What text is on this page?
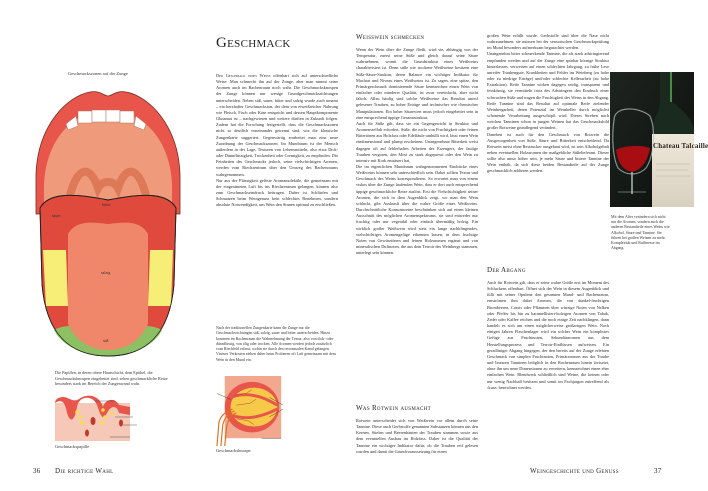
Geschmackszonen auf der Zunge
bitter
sauer
salzig
süß
Die Papillen, in deren obere Hautschicht, dem Epithel, die Geschmacksknospen eingebettet sind, sehen geschmackliche Reize besonders stark im Bereich der Zungenwand wahr.
Geschmackspapille
36 Die richtige Wahl
Geschmack

Der Geschmack eines Weins offenbart sich auf unterschiedliche Weise: Man schmeckt ihn auf der Zunge, aber man nimmt seine Aromen auch im Rachenraum noch wahr. Die Geschmacksknospen der Zunge können nur wenige Grundgeschmacksrichtungen unterscheiden. Neben süß, sauer, bitter und salzig wurde auch umami – ein herzhafter Geschmackston, der dem von eiweißreicher Nahrung wie Fleisch, Fisch oder Käse entspricht und dessen Hauptkomponente Glutamat ist – nachgewiesen und weitere dürften in Zukunft folgen. Zudem hat die Forschung festgestellt, dass die Geschmackszonen nicht so deutlich voneinander getrennt sind, wie die klassische Zungenkarte suggeriert. Gegenwärtig erarbeitet man eine neue Zuordnung der Geschmackszonen. Im Mundraum ist der Mensch außerdem in der Lage, Texturen von Lebensmitteln, also etwa Dick- oder Dünnflüssigkeit, Trockenheit oder Cremigkeit, zu empfinden. Die Feinheiten des Geschmacks jedoch, seine vielschichtigen Aromen, werden vom Riechzentrum über den Umweg des Rachenraums wahrgenommen.

Nur aus der Flüssigkeit gelöste Aromamoleküle, die gemeinsam mit der eingeatmeten Luft bis ins Riechzentrum gelangen, können also zum Geschmackseindruck beitragen. Daher ist Schlürfen und Schmatzen beim Weingenuss kein schlechtes Benehmen, sondern absolute Notwendigkeit, um Wein den Sinnen optimal zu erschließen.

Nach der traditionellen Zungenkarte kann die Zunge nur die Geschmacksrichtungen süß, salzig, sauer und bitter unterscheiden. Hinzu kommen im Rachenraum die Wahrnehmung der Textur, also von dick- oder dünnflüssig, von ölig oder trocken. Alle Aromen werden jedoch zusätzlich vom Riechfeld erfasst, wohin sie durch den retronasalen Kanal gelangen. Vinöses Verkosten ziehen daher beim Probieren oft Luft gemeinsam mit dem Wein in den Mund ein.
Geschmacksknospe
Weisswein schmecken

Wenn der Wein über die Zunge fließt, wird sie, abhängig von der Temperatur, zuerst seine Süße und gleich darauf seine Säure wahrnehmen, womit die Grundstruktur eines Weißweins charakterisiert ist. Denn süße wie trockene Weißweine besitzen eine Süße-Säure-Struktur, deren Balance ein wichtiger Indikator für Machart und Niveau eines Weißweins ist. Zu sagen, eine spitze, den Primärgeschmack dominierende Säure kennzeichne einen Wein von einfacher oder minderer Qualität, ist zwar vereinfacht, aber nicht falsch. Allzu häufig sind solche Weißweine das Resultat unreif gelesener Trauben, zu hoher Erträge und technischer wie chemischer Manipulationen. Ein hoher Säurewert muss jedoch eingebettet sein in eine entsprechend üppige Gesamtstruktur.

Auch für Süße gilt, dass sie ein Gegengewicht in Struktur und Aromenvielfalt erfordert. Süße, die nicht von Fruchtigkeit oder feinen Bittertönen aus Holzfass oder Edelfäule umhüllt wird, lässt einen Wein eindimensional und plump erscheinen. Unangenehme Bitterkeit weist dagegen oft auf fehlerhaftes Arbeiten des Erzeugers, der faulige Trauben vergoren, den Most zu stark abgepresst oder den Wein zu intensiv mit Kork entsäuert hat.

Die im eigentlichen Mundraum wahrgenommenen Eindrücke eines Weißweins können sehr unterschiedlich sein. Dabei sollten Textur und Geschmack des Weins korrespondieren. So erwartet man von einem viskos über die Zunge laufenden Wein, dass er dort auch entsprechend üppige geschmackliche Reize auslöst. Erst die Vielschichtigkeit seiner Aromen, die sich in dem Augenblick zeigt, wo man den Wein schluckt, gibt Auskunft über die wahre Größe eines Weißweins. Durchschnittliche Konsumweine beschränken sich auf einen kleinen Ausschnitt des möglichen Aromenspektrums, sie sind entweder nur fruchtig oder nur vegetabil oder einfach übermäßig holzig. Ein wirklich großer Weißwein wird stets ein lange nachklingendes, vielschichtiges Aromengefüge erkennen lassen, in dem fruchtige Noten von Gewürztönen und feinen Holzaromen ergänzt und von mineralischen Duftnoten, die aus dem Terroir des Weinbergs stammen, unterlegt sein können.

Was Rotwein ausmacht

Rotwein unterscheidet sich von Weißwein vor allem durch seine Tannine. Diese auch Gerbstoffe genannten Substanzen können aus den Kernen, Stielen und Beerenhäuten der Trauben stammen sowie aus dem eventuellen Ausbau im Holzfass. Daher ist die Qualität der Tannine ein wichtiger Indikator dafür, ob die Trauben reif gelesen wurden und damit die Grundvoraussetzung für einen

großen Wein erfüllt wurde. Gerbstoffe sind über die Nase nicht wahrzunehmen, sie müssen bei der sensorischen Geschmacksprüfung im Mund besonders aufmerksam begutachtet werden.

Unangenehm bitter schmeckende Tannine, die als stark adstringierend empfunden werden und auf der Zunge eine spürbar körnige Struktur hinterlassen, verweisen auf einen schlechten Jahrgang, zu frühe Lese unreifer Traubengute, Krankheiten und Fehler im Weinberg (zu hohe oder zu niedrige Erträge) und/oder schlechte Kellerarbeit (zu hohe Extraktion). Reife Tannine wirken dagegen seidig, transparent und feinkörnig, sie vermitteln trotz des Adstringens den Eindruck einer schwachen Süße und tragen die Fruchtigkeit des Weins in den Abgang. Reife Tannine sind das Resultat auf optimale Reife zielender Weinbergarbeit, deren Potenzial im Weinkeller durch möglichst schonende Verarbeitung ausgeschöpft wird. Dieses Streben nach weichen Tanninen schon in jungen Weinen hat das Geschmacksbild großer Rotweine grundlegend verändert.

Daneben ist auch für den Geschmack von Rotwein die Ausgewogenheit von Süße, Säure und Bitterkeit entscheidend. Da Rotwein meist ohne Restzucker ausgebaut wird, ist sein Alkoholgehalt neben eventuellen Holzaromen der maßgebliche Süßelieferant. Dieser sollte also umso höher sein, je mehr Säure und bittere Tannine der Wein enthält, da sich diese beiden Bestandteile auf der Zunge geschmacklich addieren werden.

Der Abgang

Auch für Rotwein gilt, dass er seine wahre Größe erst im Moment des Schluckens offenbart. Öffnet sich der Wein in diesem Augenblick und füllt mit seiner Opulenz den gesamten Mund- und Rachenraum, entströmen ihm dabei Aromen, die von dunkel-fruchtigen Brombeeren, Cassis oder Pflaumen über würzige Noten von Nelken oder Pfeffer bis hin zu karamellisiert-holzigen Aromen von Tabak, Zeder oder Kaffee reichen und die noch einige Zeit nachklingen, dann handelt es sich um einen möglicherweise großartigen Wein. Nach einigen Jahren Flaschenlager wird ein solcher Wein ein komplexes Gefüge aus Fruchtnoten, Sekundäraromen aus dem Herstellungsprozess und Terroir-Einflüssen aufweisen. Ein geradliniger Abgang hingegen, der den bereits auf der Zunge erlebten Geschmack von simplen Fruchtnoten, Primäraromen aus der Traube und linearen Tanninen lediglich in den Rachenraum hinein fortsetzt, ohne ihn um neue Dimensionen zu erweitern, kennzeichnet einen eher einfachen Wein. Blendwerk schließlich sind Weine, die keinen oder nur wenig Nachhall besitzen und somit im Fachjargon zutreffend als ›kurz‹ bezeichnet werden.

Weingeschichte und Genuss	37
Chateau Talcaille
Mit dem Alter verändern sich nicht nur die Aromen, sondern auch die anderen Bestandteile eines Weins wie Alkohol, Säure und Tannine. Sie führen bei großen Weinen zu mehr Komplexität und Raffinesse im Abgang.
